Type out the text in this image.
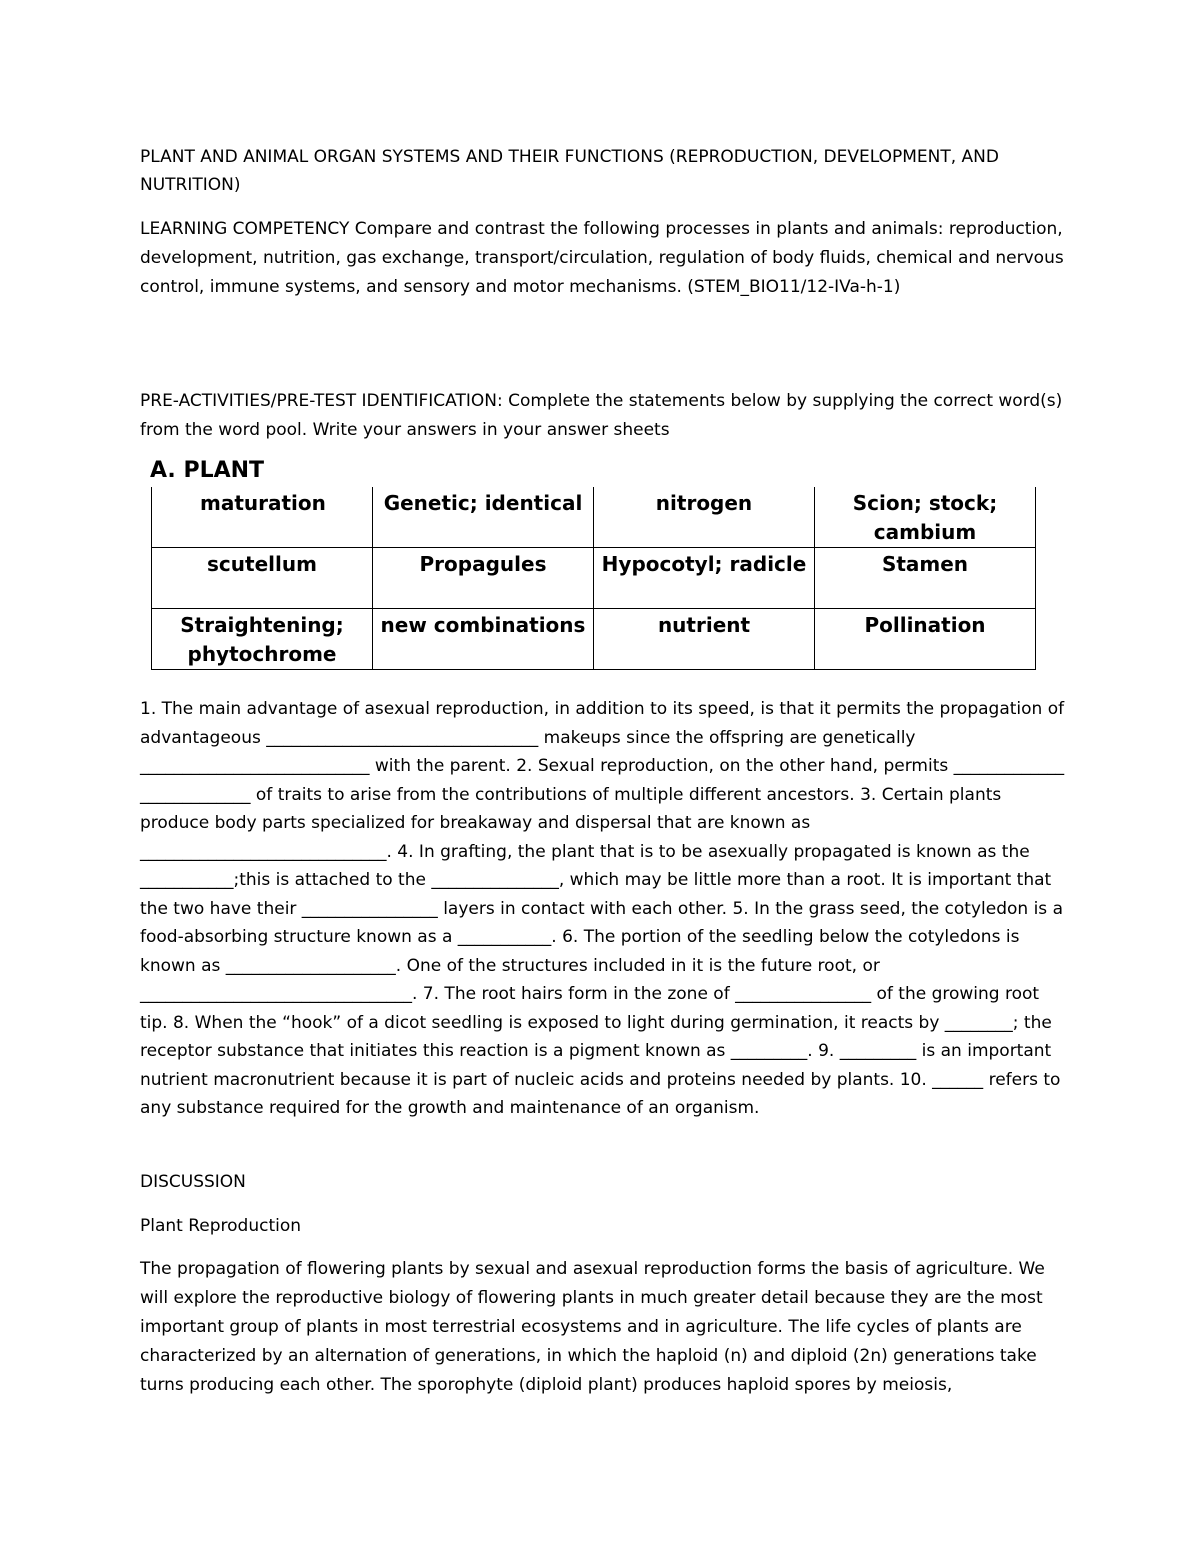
PLANT AND ANIMAL ORGAN SYSTEMS AND THEIR FUNCTIONS (REPRODUCTION, DEVELOPMENT, AND NUTRITION)
LEARNING COMPETENCY Compare and contrast the following processes in plants and animals: reproduction, development, nutrition, gas exchange, transport/circulation, regulation of body fluids, chemical and nervous control, immune systems, and sensory and motor mechanisms. (STEM_BIO11/12-IVa-h-1)
PRE-ACTIVITIES/PRE-TEST IDENTIFICATION: Complete the statements below by supplying the correct word(s) from the word pool. Write your answers in your answer sheets
A. PLANT
maturation	Genetic; identical	nitrogen	Scion; stock; cambium
scutellum	Propagules	Hypocotyl; radicle	Stamen
Straightening; phytochrome	new combinations	nutrient	Pollination
1. The main advantage of asexual reproduction, in addition to its speed, is that it permits the propagation of advantageous ________________________________ makeups since the offspring are genetically ___________________________ with the parent. 2. Sexual reproduction, on the other hand, permits _____________ _____________ of traits to arise from the contributions of multiple different ancestors. 3. Certain plants produce body parts specialized for breakaway and dispersal that are known as _____________________________. 4. In grafting, the plant that is to be asexually propagated is known as the ___________;this is attached to the _______________, which may be little more than a root. It is important that the two have their ________________ layers in contact with each other. 5. In the grass seed, the cotyledon is a food-absorbing structure known as a ___________. 6. The portion of the seedling below the cotyledons is known as ____________________. One of the structures included in it is the future root, or ________________________________. 7. The root hairs form in the zone of ________________ of the growing root tip. 8. When the “hook” of a dicot seedling is exposed to light during germination, it reacts by ________; the receptor substance that initiates this reaction is a pigment known as _________. 9. _________ is an important nutrient macronutrient because it is part of nucleic acids and proteins needed by plants. 10. ______ refers to any substance required for the growth and maintenance of an organism.
DISCUSSION
Plant Reproduction
The propagation of flowering plants by sexual and asexual reproduction forms the basis of agriculture. We will explore the reproductive biology of flowering plants in much greater detail because they are the most important group of plants in most terrestrial ecosystems and in agriculture. The life cycles of plants are characterized by an alternation of generations, in which the haploid (n) and diploid (2n) generations take turns producing each other. The sporophyte (diploid plant) produces haploid spores by meiosis,
